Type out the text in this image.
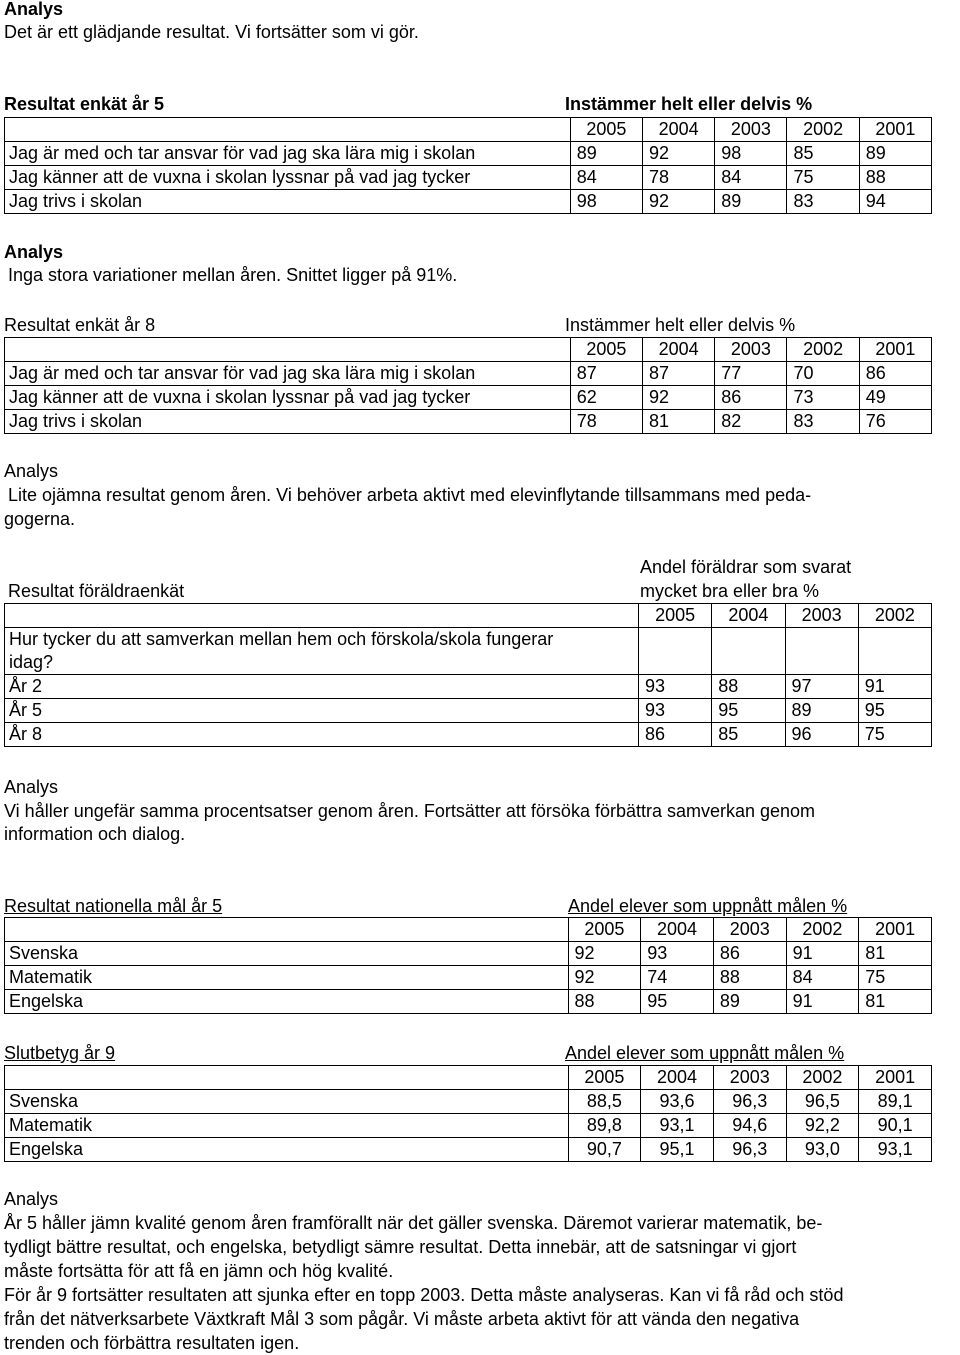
Analys
Det är ett glädjande resultat. Vi fortsätter som vi gör.
Resultat enkät år 5	Instämmer helt eller delvis %
	2005	2004	2003	2002	2001
Jag är med och tar ansvar för vad jag ska lära mig i skolan	89	92	98	85	89
Jag känner att de vuxna i skolan lyssnar på vad jag tycker	84	78	84	75	88
Jag trivs i skolan	98	92	89	83	94
Analys
Inga stora variationer mellan åren. Snittet ligger på 91%.
Resultat enkät år 8	Instämmer helt eller delvis %
	2005	2004	2003	2002	2001
Jag är med och tar ansvar för vad jag ska lära mig i skolan	87	87	77	70	86
Jag känner att de vuxna i skolan lyssnar på vad jag tycker	62	92	86	73	49
Jag trivs i skolan	78	81	82	83	76
Analys
Lite ojämna resultat genom åren. Vi behöver arbeta aktivt med elevinflytande tillsammans med peda-
gogerna.
Andel föräldrar som svarat
Resultat föräldraenkät	mycket bra eller bra %
	2005	2004	2003	2002

Hur tycker du att samverkan mellan hem och förskola/skola fungerar
idag?				

År 2	93	88	97	91
År 5	93	95	89	95
År 8	86	85	96	75
Analys
Vi håller ungefär samma procentsatser genom åren. Fortsätter att försöka förbättra samverkan genom
information och dialog.
Resultat nationella mål år 5	Andel elever som uppnått målen %
	2005	2004	2003	2002	2001
Svenska	92	93	86	91	81
Matematik	92	74	88	84	75
Engelska	88	95	89	91	81
Slutbetyg år 9	Andel elever som uppnått målen %
	2005	2004	2003	2002	2001
Svenska	88,5	93,6	96,3	96,5	89,1
Matematik	89,8	93,1	94,6	92,2	90,1
Engelska	90,7	95,1	96,3	93,0	93,1
Analys
År 5 håller jämn kvalité genom åren framförallt när det gäller svenska. Däremot varierar matematik, be-
tydligt bättre resultat, och engelska, betydligt sämre resultat. Detta innebär, att de satsningar vi gjort
måste fortsätta för att få en jämn och hög kvalité.
För år 9 fortsätter resultaten att sjunka efter en topp 2003. Detta måste analyseras. Kan vi få råd och stöd
från det nätverksarbete Växtkraft Mål 3 som pågår. Vi måste arbeta aktivt för att vända den negativa
trenden och förbättra resultaten igen.
